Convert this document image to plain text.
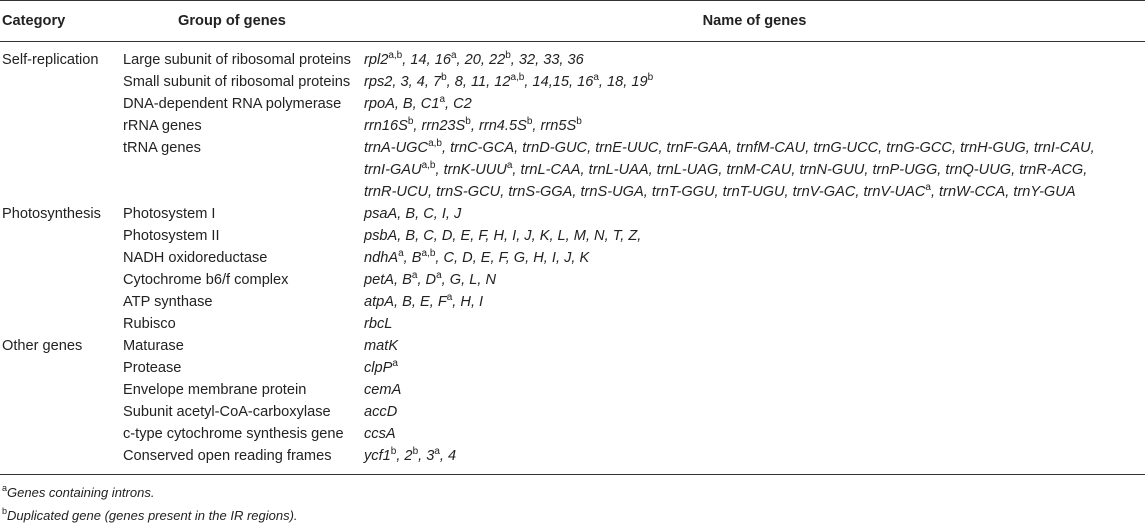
Category	Group of genes	Name of genes
Self-replication	Large subunit of ribosomal proteins	rpl2$^{a,b}$, 14, 16$^a$, 20, 22$^b$, 32, 33, 36

	Small subunit of ribosomal proteins	rps2, 3, 4, 7$^b$, 8, 11, 12$^{a,b}$, 14,15, 16$^a$, 18, 19$^b$

	DNA-dependent RNA polymerase	rpoA, B, C1$^a$, C2

	rRNA genes	$rrn16S^b$, $rrn23S^b$, $rrn4.5S^b$, $rrn5S^b$

	tRNA genes	trnA-UGC$^{a,b}$, trnC-GCA, trnD-GUC, trnE-UUC, trnF-GAA, trnfM-CAU, trnG-UCC, trnG-GCC, trnH-GUG, trnI-CAU,
trnI-GAU$^{a,b}$, trnK-UUU$^a$, trnL-CAA, trnL-UAA, trnL-UAG, trnM-CAU, trnN-GUU, trnP-UGG, trnQ-UUG, trnR-ACG,
trnR-UCU, trnS-GCU, trnS-GGA, trnS-UGA, trnT-GGU, trnT-UGU, trnV-GAC, trnV-UAC$^a$, trnW-CCA, trnY-GUA

Photosynthesis	Photosystem I	psaA, B, C, I, J

	Photosystem II	psbA, B, C, D, E, F, H, I, J, K, L, M, N, T, Z,

	NADH oxidoreductase	ndhA$^a$, B$^{a,b}$, C, D, E, F, G, H, I, J, K

	Cytochrome b6/f complex	petA, $B^a$, $D^a$, G, L, N

	ATP synthase	atpA, B, E, $F^a$, H, I

	Rubisco	rbcL

Other genes	Maturase	matK

	Protease	clpP$^a$

	Envelope membrane protein	cemA

	Subunit acetyl-CoA-carboxylase	accD

	c-type cytochrome synthesis gene	ccsA

	Conserved open reading frames	ycf1$^b$, 2$^b$, 3$^a$, 4
$^a$Genes containing introns.
$^b$Duplicated gene (genes present in the IR regions).
